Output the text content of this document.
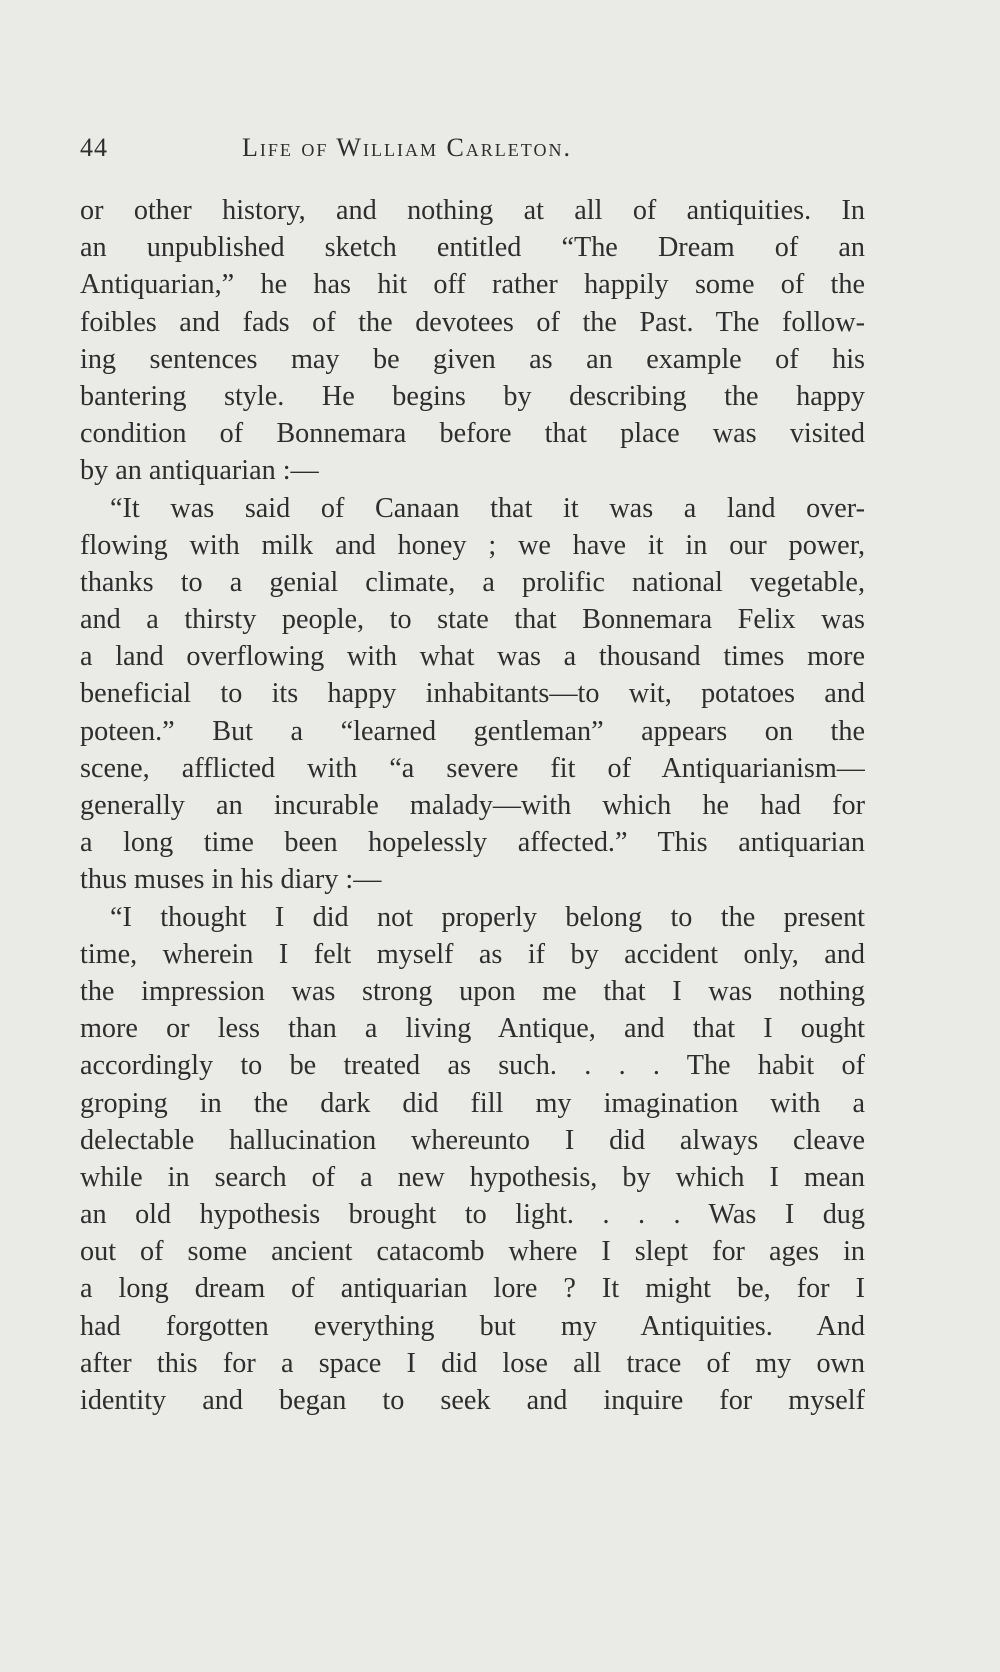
44	Life of William Carleton.
or other history, and nothing at all of antiquities. In
an unpublished sketch entitled “The Dream of an
Antiquarian,” he has hit off rather happily some of the
foibles and fads of the devotees of the Past. The follow-
ing sentences may be given as an example of his
bantering style. He begins by describing the happy
condition of Bonnemara before that place was visited
by an antiquarian :—
“It was said of Canaan that it was a land over-
flowing with milk and honey ; we have it in our power,
thanks to a genial climate, a prolific national vegetable,
and a thirsty people, to state that Bonnemara Felix was
a land overflowing with what was a thousand times more
beneficial to its happy inhabitants—to wit, potatoes and
poteen.” But a “learned gentleman” appears on the
scene, afflicted with “a severe fit of Antiquarianism—
generally an incurable malady—with which he had for
a long time been hopelessly affected.” This antiquarian
thus muses in his diary :—
“I thought I did not properly belong to the present
time, wherein I felt myself as if by accident only, and
the impression was strong upon me that I was nothing
more or less than a living Antique, and that I ought
accordingly to be treated as such. . . . The habit of
groping in the dark did fill my imagination with a
delectable hallucination whereunto I did always cleave
while in search of a new hypothesis, by which I mean
an old hypothesis brought to light. . . . Was I dug
out of some ancient catacomb where I slept for ages in
a long dream of antiquarian lore ? It might be, for I
had forgotten everything but my Antiquities. And
after this for a space I did lose all trace of my own
identity and began to seek and inquire for myself
